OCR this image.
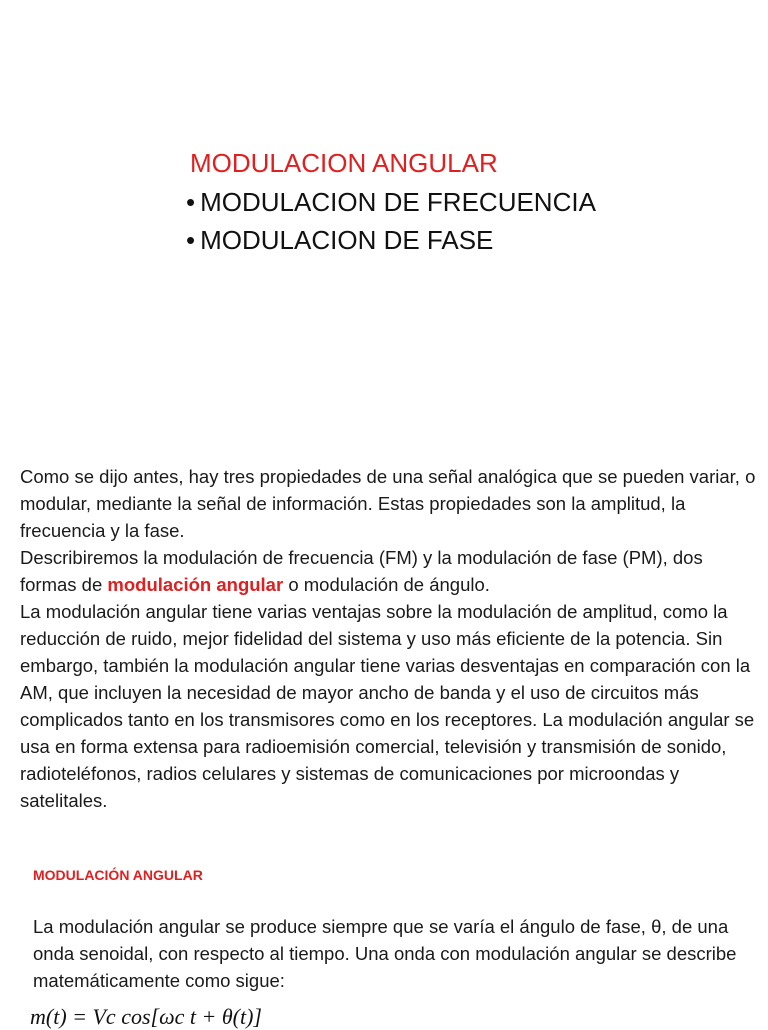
MODULACION ANGULAR
• MODULACION DE FRECUENCIA
• MODULACION DE FASE

Como se dijo antes, hay tres propiedades de una señal analógica que se pueden variar, o modular, mediante la señal de información. Estas propiedades son la amplitud, la frecuencia y la fase.

Describiremos la modulación de frecuencia (FM) y la modulación de fase (PM), dos formas de modulación angular o modulación de ángulo.

La modulación angular tiene varias ventajas sobre la modulación de amplitud, como la reducción de ruido, mejor fidelidad del sistema y uso más eficiente de la potencia. Sin embargo, también la modulación angular tiene varias desventajas en comparación con la AM, que incluyen la necesidad de mayor ancho de banda y el uso de circuitos más complicados tanto en los transmisores como en los receptores. La modulación angular se usa en forma extensa para radioemisión comercial, televisión y transmisión de sonido, radioteléfonos, radios celulares y sistemas de comunicaciones por microondas y satelitales.

MODULACIÓN ANGULAR

La modulación angular se produce siempre que se varía el ángulo de fase, θ, de una onda senoidal, con respecto al tiempo. Una onda con modulación angular se describe matemáticamente como sigue:

m(t) = Vc cos[ωc t + θ(t)]
